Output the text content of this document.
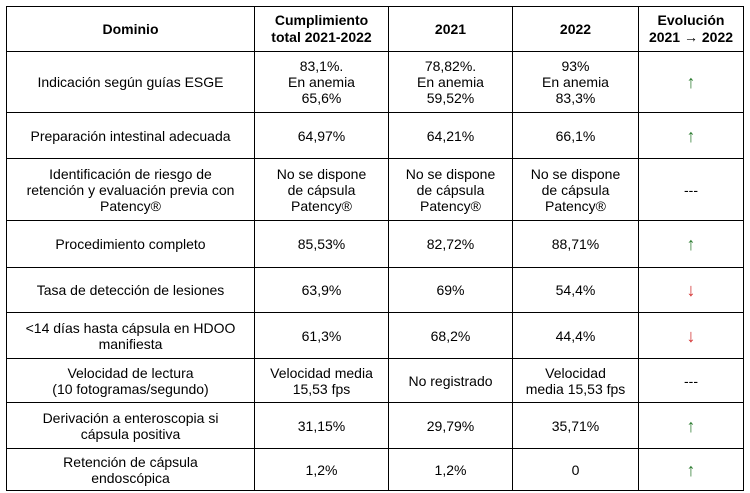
Dominio	Cumplimiento
total 2021-2022	2021	2022	Evolución
2021 → 2022

Indicación según guías ESGE	83,1%.
En anemia
65,6%	78,82%.
En anemia
59,52%	93%
En anemia
83,3%	↑

Preparación intestinal adecuada	64,97%	64,21%	66,1%	↑

Identificación de riesgo de
retención y evaluación previa con
Patency®	No se dispone
de cápsula
Patency®	No se dispone
de cápsula
Patency®	No se dispone
de cápsula
Patency®	---

Procedimiento completo	85,53%	82,72%	88,71%	↑

Tasa de detección de lesiones	63,9%	69%	54,4%	↓

<14 días hasta cápsula en HDOO
manifiesta	61,3%	68,2%	44,4%	↓

Velocidad de lectura
(10 fotogramas/segundo)	Velocidad media
15,53 fps	No registrado	Velocidad
media 15,53 fps	---

Derivación a enteroscopia si
cápsula positiva	31,15%	29,79%	35,71%	↑

Retención de cápsula
endoscópica	1,2%	1,2%	0	↑
